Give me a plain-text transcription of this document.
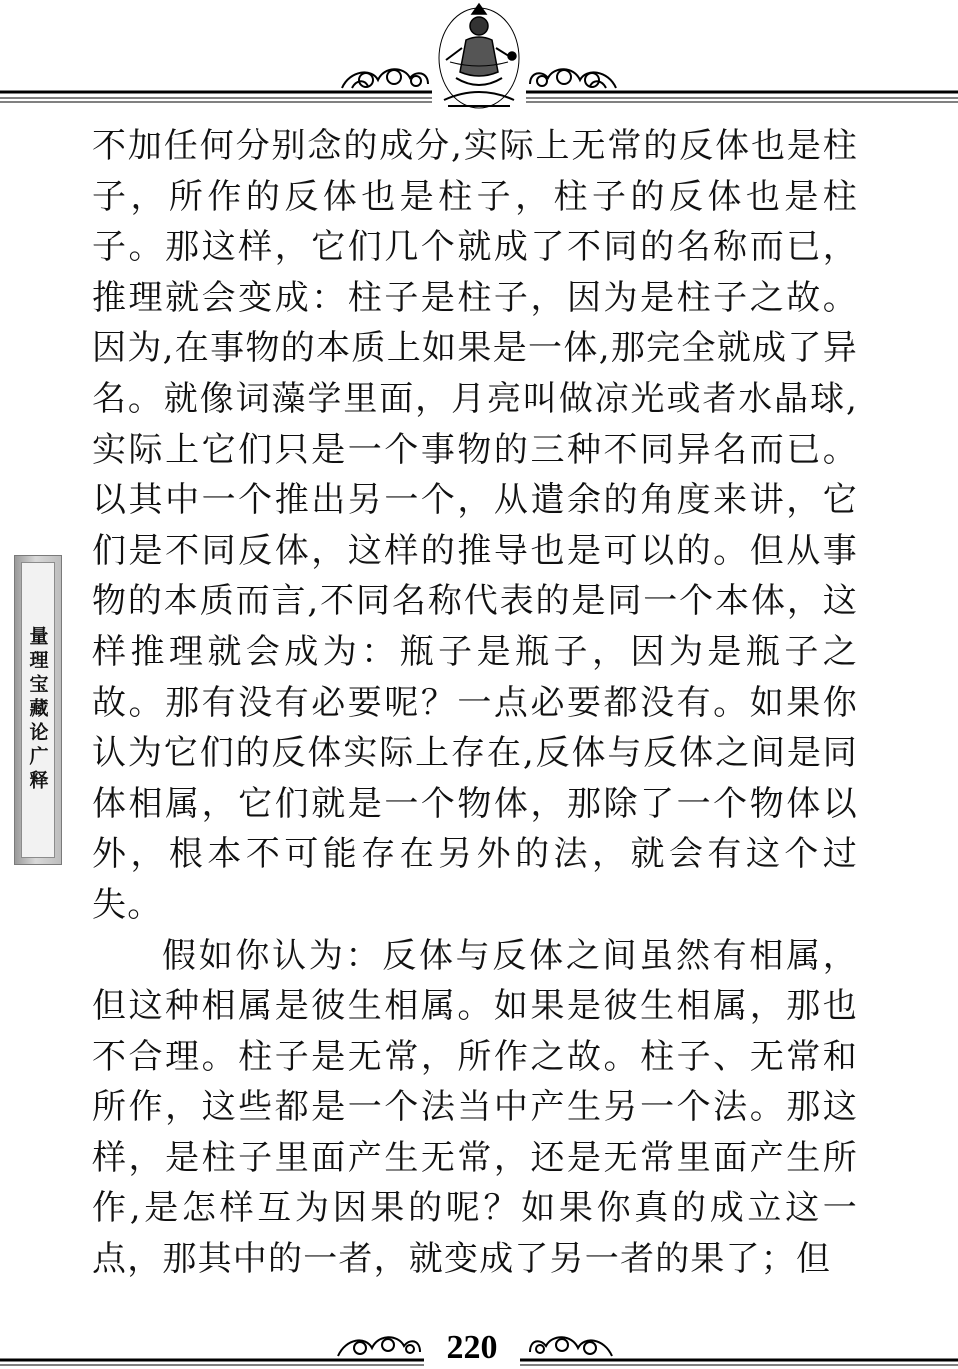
量理宝藏论广释

不加任何分别念的成分,实际上无常的反体也是柱子，所作的反体也是柱子，柱子的反体也是柱子。那这样，它们几个就成了不同的名称而已，推理就会变成：柱子是柱子，因为是柱子之故。因为,在事物的本质上如果是一体,那完全就成了异名。就像词藻学里面，月亮叫做凉光或者水晶球,实际上它们只是一个事物的三种不同异名而已。以其中一个推出另一个，从遣余的角度来讲，它们是不同反体，这样的推导也是可以的。但从事物的本质而言,不同名称代表的是同一个本体，这样推理就会成为：瓶子是瓶子，因为是瓶子之故。那有没有必要呢？一点必要都没有。如果你认为它们的反体实际上存在,反体与反体之间是同体相属，它们就是一个物体，那除了一个物体以外，根本不可能存在另外的法，就会有这个过失。

假如你认为：反体与反体之间虽然有相属，但这种相属是彼生相属。如果是彼生相属，那也不合理。柱子是无常，所作之故。柱子、无常和所作，这些都是一个法当中产生另一个法。那这样，是柱子里面产生无常，还是无常里面产生所作,是怎样互为因果的呢？如果你真的成立这一点，那其中的一者，就变成了另一者的果了；但

220
